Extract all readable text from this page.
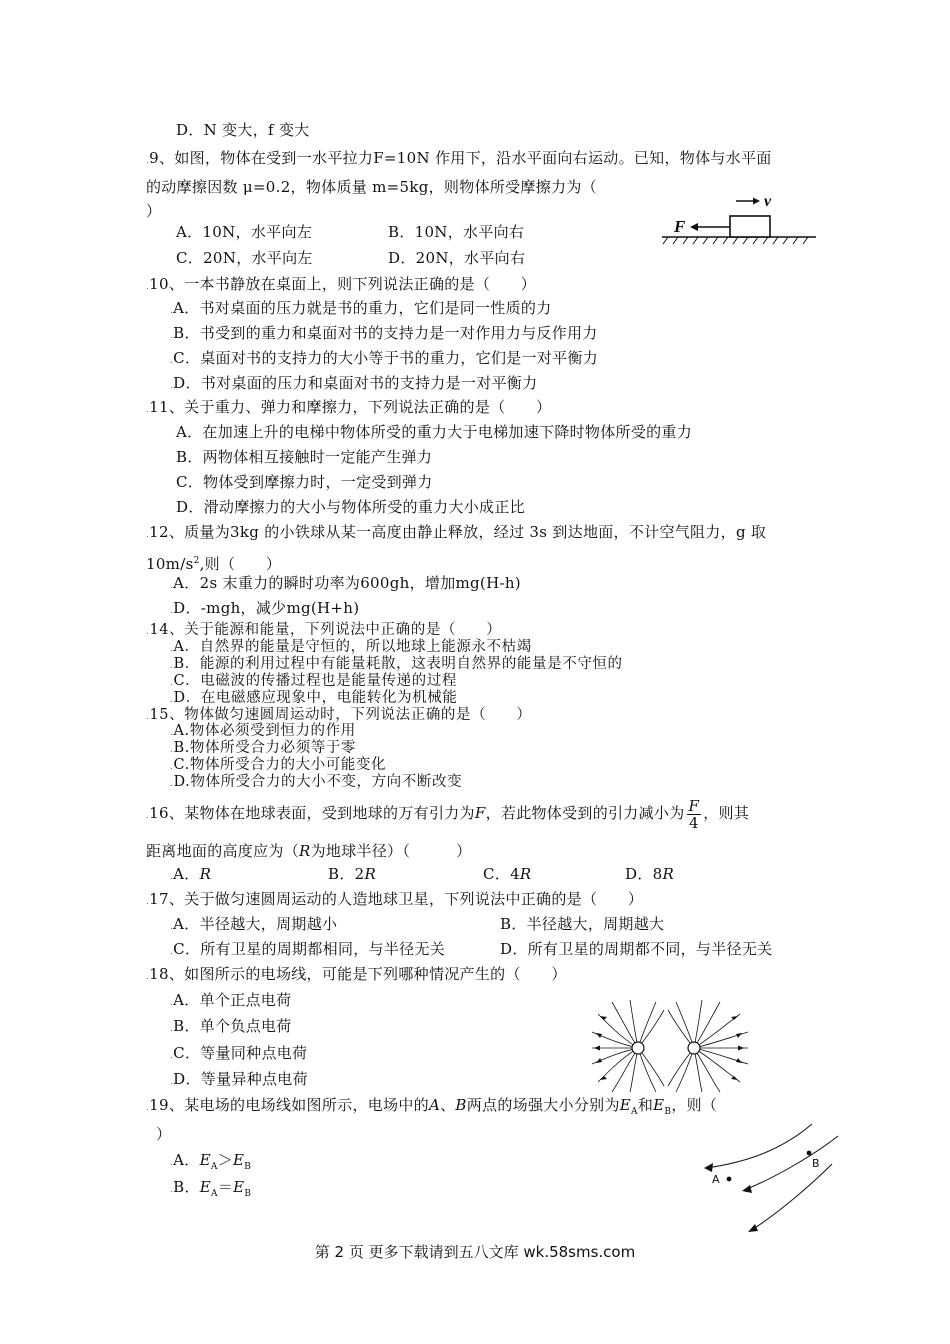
D．N 变大，f 变大
.9、如图，物体在受到一水平拉力F=10N 作用下，沿水平面向右运动。已知，物体与水平面
的动摩擦因数 μ=0.2，物体质量 m=5kg，则物体所受摩擦力为（
）
A．10N，水平向左	B．10N，水平向右
C．20N，水平向左	D．20N，水平向右
F
v
.10、一本书静放在桌面上，则下列说法正确的是（　　）
.A．书对桌面的压力就是书的重力，它们是同一性质的力
.B．书受到的重力和桌面对书的支持力是一对作用力与反作用力
.C．桌面对书的支持力的大小等于书的重力，它们是一对平衡力
.D．书对桌面的压力和桌面对书的支持力是一对平衡力
.11、关于重力、弹力和摩擦力，下列说法正确的是（　　）
A．在加速上升的电梯中物体所受的重力大于电梯加速下降时物体所受的重力
B．两物体相互接触时一定能产生弹力
C．物体受到摩擦力时，一定受到弹力
D．滑动摩擦力的大小与物体所受的重力大小成正比
.12、质量为3kg 的小铁球从某一高度由静止释放，经过 3s 到达地面，不计空气阻力，g 取
$10m/s^2$,则（　　）
.A．2s 末重力的瞬时功率为600gh，增加mg(H-h)
.D．-mgh，减少mg(H+h)
.14、关于能源和能量，下列说法中正确的是（　　）
.A．自然界的能量是守恒的，所以地球上能源永不枯竭
.B．能源的利用过程中有能量耗散，这表明自然界的能量是不守恒的
.C．电磁波的传播过程也是能量传递的过程
.D．在电磁感应现象中，电能转化为机械能
.15、物体做匀速圆周运动时，下列说法正确的是（　　）
.A.物体必须受到恒力的作用
.B.物体所受合力必须等于零
.C.物体所受合力的大小可能变化
.D.物体所受合力的大小不变，方向不断改变
.16、某物体在地球表面，受到地球的万有引力为F，若此物体受到的引力减小为 $\frac{F}{4}$ ，则其
距离地面的高度应为（R为地球半径）（　　　）
.A．R	B．2R	C．4R	D．8R
.17、关于做匀速圆周运动的人造地球卫星，下列说法中正确的是（　　）
.A．半径越大，周期越小	B．半径越大，周期越大
.C．所有卫星的周期都相同，与半径无关	D．所有卫星的周期都不同，与半径无关
.18、如图所示的电场线，可能是下列哪种情况产生的（　　）
.A．单个正点电荷
.B．单个负点电荷
.C．等量同种点电荷
.D．等量异种点电荷
.19、某电场的电场线如图所示，电场中的A、B两点的场强大小分别为$E_A$和$E_B$，则（
）
.A．$E_A>E_B$
.B．$E_A=E_B$
A
B
第 2 页 更多下载请到五八文库 wk.58sms.com
